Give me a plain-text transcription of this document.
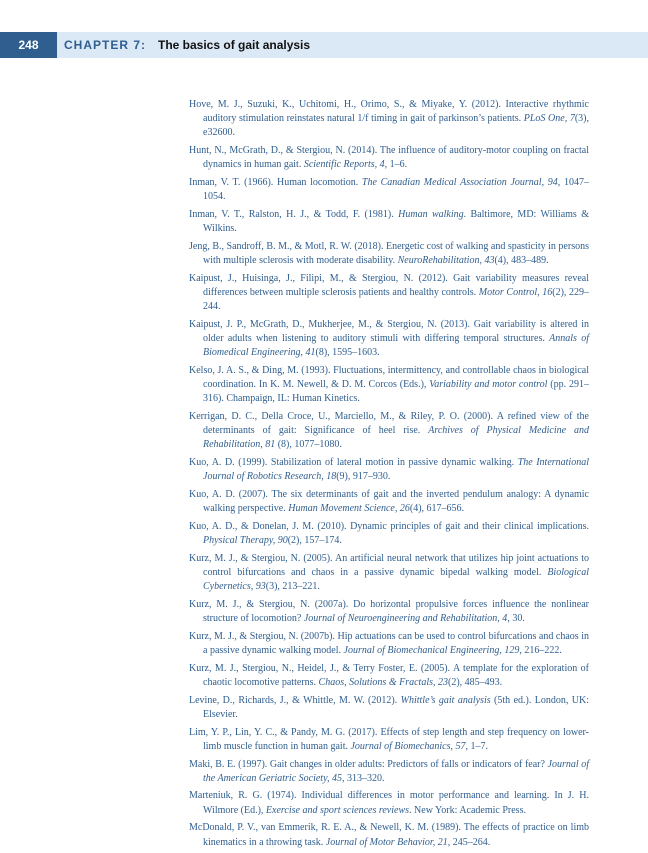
248	CHAPTER 7: The basics of gait analysis

Hove, M. J., Suzuki, K., Uchitomi, H., Orimo, S., & Miyake, Y. (2012). Interactive rhythmic auditory stimulation reinstates natural 1/f timing in gait of parkinson’s patients. PLoS One, 7(3), e32600.

Hunt, N., McGrath, D., & Stergiou, N. (2014). The influence of auditory-motor coupling on fractal dynamics in human gait. Scientific Reports, 4, 1–6.

Inman, V. T. (1966). Human locomotion. The Canadian Medical Association Journal, 94, 1047–1054.

Inman, V. T., Ralston, H. J., & Todd, F. (1981). Human walking. Baltimore, MD: Williams & Wilkins.

Jeng, B., Sandroff, B. M., & Motl, R. W. (2018). Energetic cost of walking and spasticity in persons with multiple sclerosis with moderate disability. NeuroRehabilitation, 43(4), 483–489.

Kaipust, J., Huisinga, J., Filipi, M., & Stergiou, N. (2012). Gait variability measures reveal differences between multiple sclerosis patients and healthy controls. Motor Control, 16(2), 229–244.

Kaipust, J. P., McGrath, D., Mukherjee, M., & Stergiou, N. (2013). Gait variability is altered in older adults when listening to auditory stimuli with differing temporal structures. Annals of Biomedical Engineering, 41(8), 1595–1603.

Kelso, J. A. S., & Ding, M. (1993). Fluctuations, intermittency, and controllable chaos in biological coordination. In K. M. Newell, & D. M. Corcos (Eds.), Variability and motor control (pp. 291–316). Champaign, IL: Human Kinetics.

Kerrigan, D. C., Della Croce, U., Marciello, M., & Riley, P. O. (2000). A refined view of the determinants of gait: Significance of heel rise. Archives of Physical Medicine and Rehabilitation, 81 (8), 1077–1080.

Kuo, A. D. (1999). Stabilization of lateral motion in passive dynamic walking. The International Journal of Robotics Research, 18(9), 917–930.

Kuo, A. D. (2007). The six determinants of gait and the inverted pendulum analogy: A dynamic walking perspective. Human Movement Science, 26(4), 617–656.

Kuo, A. D., & Donelan, J. M. (2010). Dynamic principles of gait and their clinical implications. Physical Therapy, 90(2), 157–174.

Kurz, M. J., & Stergiou, N. (2005). An artificial neural network that utilizes hip joint actuations to control bifurcations and chaos in a passive dynamic bipedal walking model. Biological Cybernetics, 93(3), 213–221.

Kurz, M. J., & Stergiou, N. (2007a). Do horizontal propulsive forces influence the nonlinear structure of locomotion? Journal of Neuroengineering and Rehabilitation, 4, 30.

Kurz, M. J., & Stergiou, N. (2007b). Hip actuations can be used to control bifurcations and chaos in a passive dynamic walking model. Journal of Biomechanical Engineering, 129, 216–222.

Kurz, M. J., Stergiou, N., Heidel, J., & Terry Foster, E. (2005). A template for the exploration of chaotic locomotive patterns. Chaos, Solutions & Fractals, 23(2), 485–493.

Levine, D., Richards, J., & Whittle, M. W. (2012). Whittle’s gait analysis (5th ed.). London, UK: Elsevier.

Lim, Y. P., Lin, Y. C., & Pandy, M. G. (2017). Effects of step length and step frequency on lower-limb muscle function in human gait. Journal of Biomechanics, 57, 1–7.

Maki, B. E. (1997). Gait changes in older adults: Predictors of falls or indicators of fear? Journal of the American Geriatric Society, 45, 313–320.

Marteniuk, R. G. (1974). Individual differences in motor performance and learning. In J. H. Wilmore (Ed.), Exercise and sport sciences reviews. New York: Academic Press.

McDonald, P. V., van Emmerik, R. E. A., & Newell, K. M. (1989). The effects of practice on limb kinematics in a throwing task. Journal of Motor Behavior, 21, 245–264.
